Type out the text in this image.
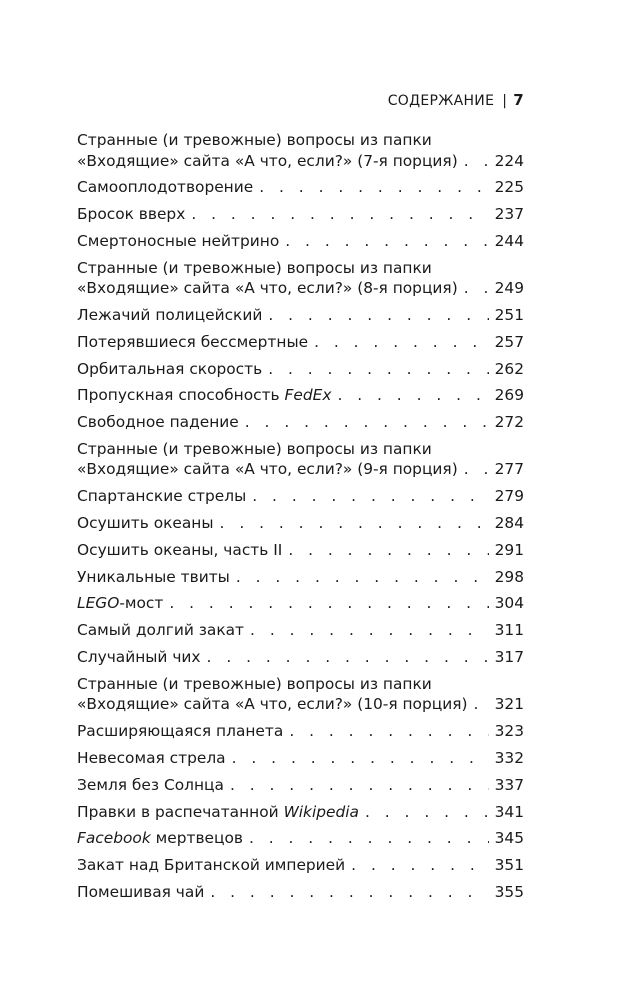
СОДЕРЖАНИЕ | 7
Странные (и тревожные) вопросы из папки
«Входящие» сайта «А что, если?» (7-я порция) . . . 224
Самооплодотворение . . .	225
Бросок вверх . . .	237
Смертоносные нейтрино . . .	244
Странные (и тревожные) вопросы из папки
«Входящие» сайта «А что, если?» (8-я порция) . . . 249
Лежачий полицейский . . .	251
Потерявшиеся бессмертные . . .	257
Орбитальная скорость . . .	262
Пропускная способность FedEx . . .	269
Свободное падение . . .	272
Странные (и тревожные) вопросы из папки
«Входящие» сайта «А что, если?» (9-я порция) . . . 277
Спартанские стрелы . . .	279
Осушить океаны . . .	284
Осушить океаны, часть II . . .	291
Уникальные твиты . . .	298
LEGO-мост . . .	304
Самый долгий закат . . .	311
Случайный чих . . .	317
Странные (и тревожные) вопросы из папки
«Входящие» сайта «А что, если?» (10-я порция) . . . 321
Расширяющаяся планета . . .	323
Невесомая стрела . . .	332
Земля без Солнца . . .	337
Правки в распечатанной Wikipedia . . .	341
Facebook мертвецов . . .	345
Закат над Британской империей . . .	351
Помешивая чай . . .	355
